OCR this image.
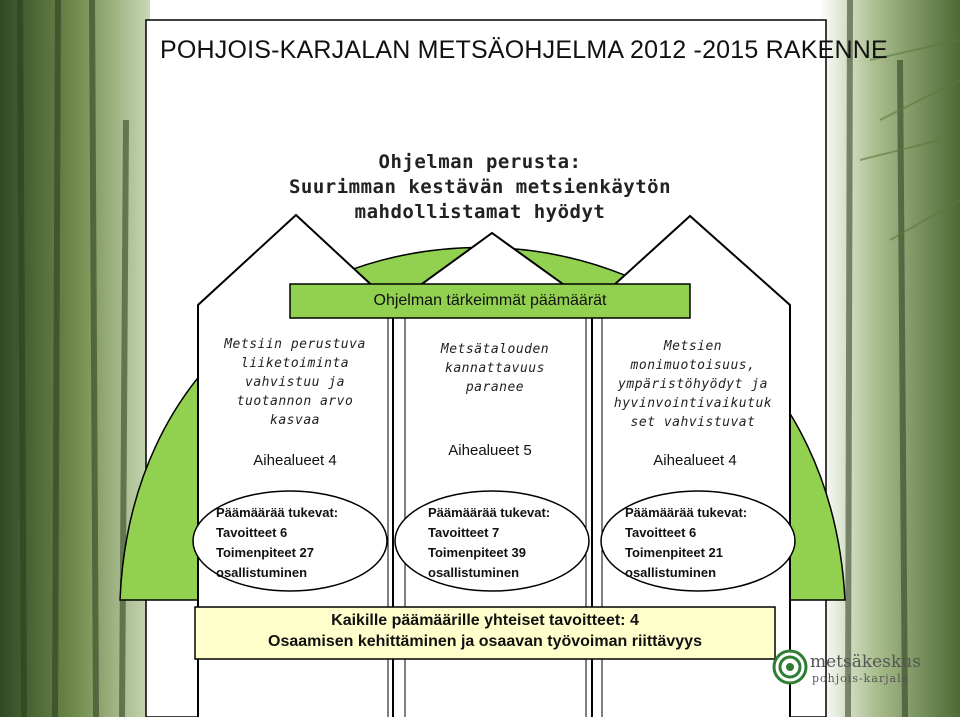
POHJOIS-KARJALAN METSÄOHJELMA 2012 -2015 RAKENNE
Ohjelman perusta:
Suurimman kestävän metsienkäytön
mahdollistamat hyödyt
Ohjelman tärkeimmät päämäärät
Metsiin perustuva
liiketoiminta
vahvistuu ja
tuotannon arvo
kasvaa
Aihealueet 4
Päämäärää tukevat:
Tavoitteet 6
Toimenpiteet 27
osallistuminen
Metsätalouden
kannattavuus
paranee
Aihealueet 5
Päämäärää tukevat:
Tavoitteet 7
Toimenpiteet 39
osallistuminen
Metsien
monimuotoisuus,
ympäristöhyödyt ja
hyvinvointivaikutuk
set vahvistuvat
Aihealueet 4
Päämäärää tukevat:
Tavoitteet 6
Toimenpiteet 21
osallistuminen
Kaikille päämäärille yhteiset tavoitteet: 4
Osaamisen kehittäminen ja osaavan työvoiman riittävyys
metsäkeskus
pohjois-karjala
